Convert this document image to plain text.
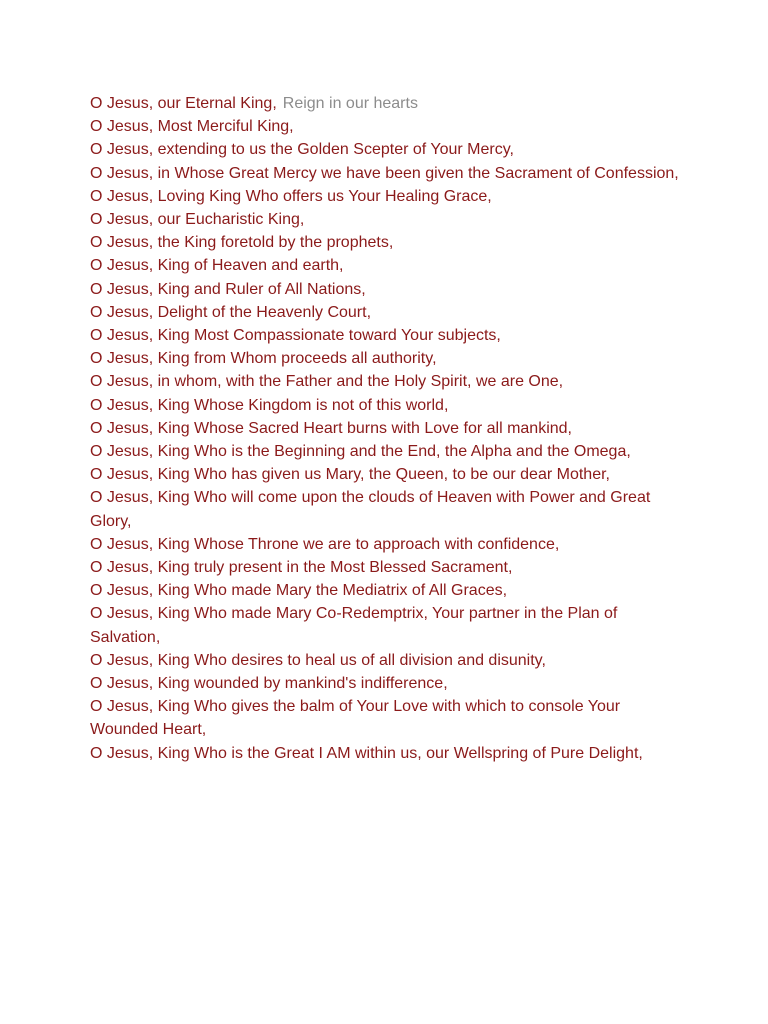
O Jesus, our Eternal King, Reign in our hearts
O Jesus, Most Merciful King,
O Jesus, extending to us the Golden Scepter of Your Mercy,
O Jesus, in Whose Great Mercy we have been given the Sacrament of Confession,
O Jesus, Loving King Who offers us Your Healing Grace,
O Jesus, our Eucharistic King,
O Jesus, the King foretold by the prophets,
O Jesus, King of Heaven and earth,
O Jesus, King and Ruler of All Nations,
O Jesus, Delight of the Heavenly Court,
O Jesus, King Most Compassionate toward Your subjects,
O Jesus, King from Whom proceeds all authority,
O Jesus, in whom, with the Father and the Holy Spirit, we are One,
O Jesus, King Whose Kingdom is not of this world,
O Jesus, King Whose Sacred Heart burns with Love for all mankind,
O Jesus, King Who is the Beginning and the End, the Alpha and the Omega,
O Jesus, King Who has given us Mary, the Queen, to be our dear Mother,
O Jesus, King Who will come upon the clouds of Heaven with Power and Great Glory,
O Jesus, King Whose Throne we are to approach with confidence,
O Jesus, King truly present in the Most Blessed Sacrament,
O Jesus, King Who made Mary the Mediatrix of All Graces,
O Jesus, King Who made Mary Co-Redemptrix, Your partner in the Plan of Salvation,
O Jesus, King Who desires to heal us of all division and disunity,
O Jesus, King wounded by mankind's indifference,
O Jesus, King Who gives the balm of Your Love with which to console Your Wounded Heart,
O Jesus, King Who is the Great I AM within us, our Wellspring of Pure Delight,
